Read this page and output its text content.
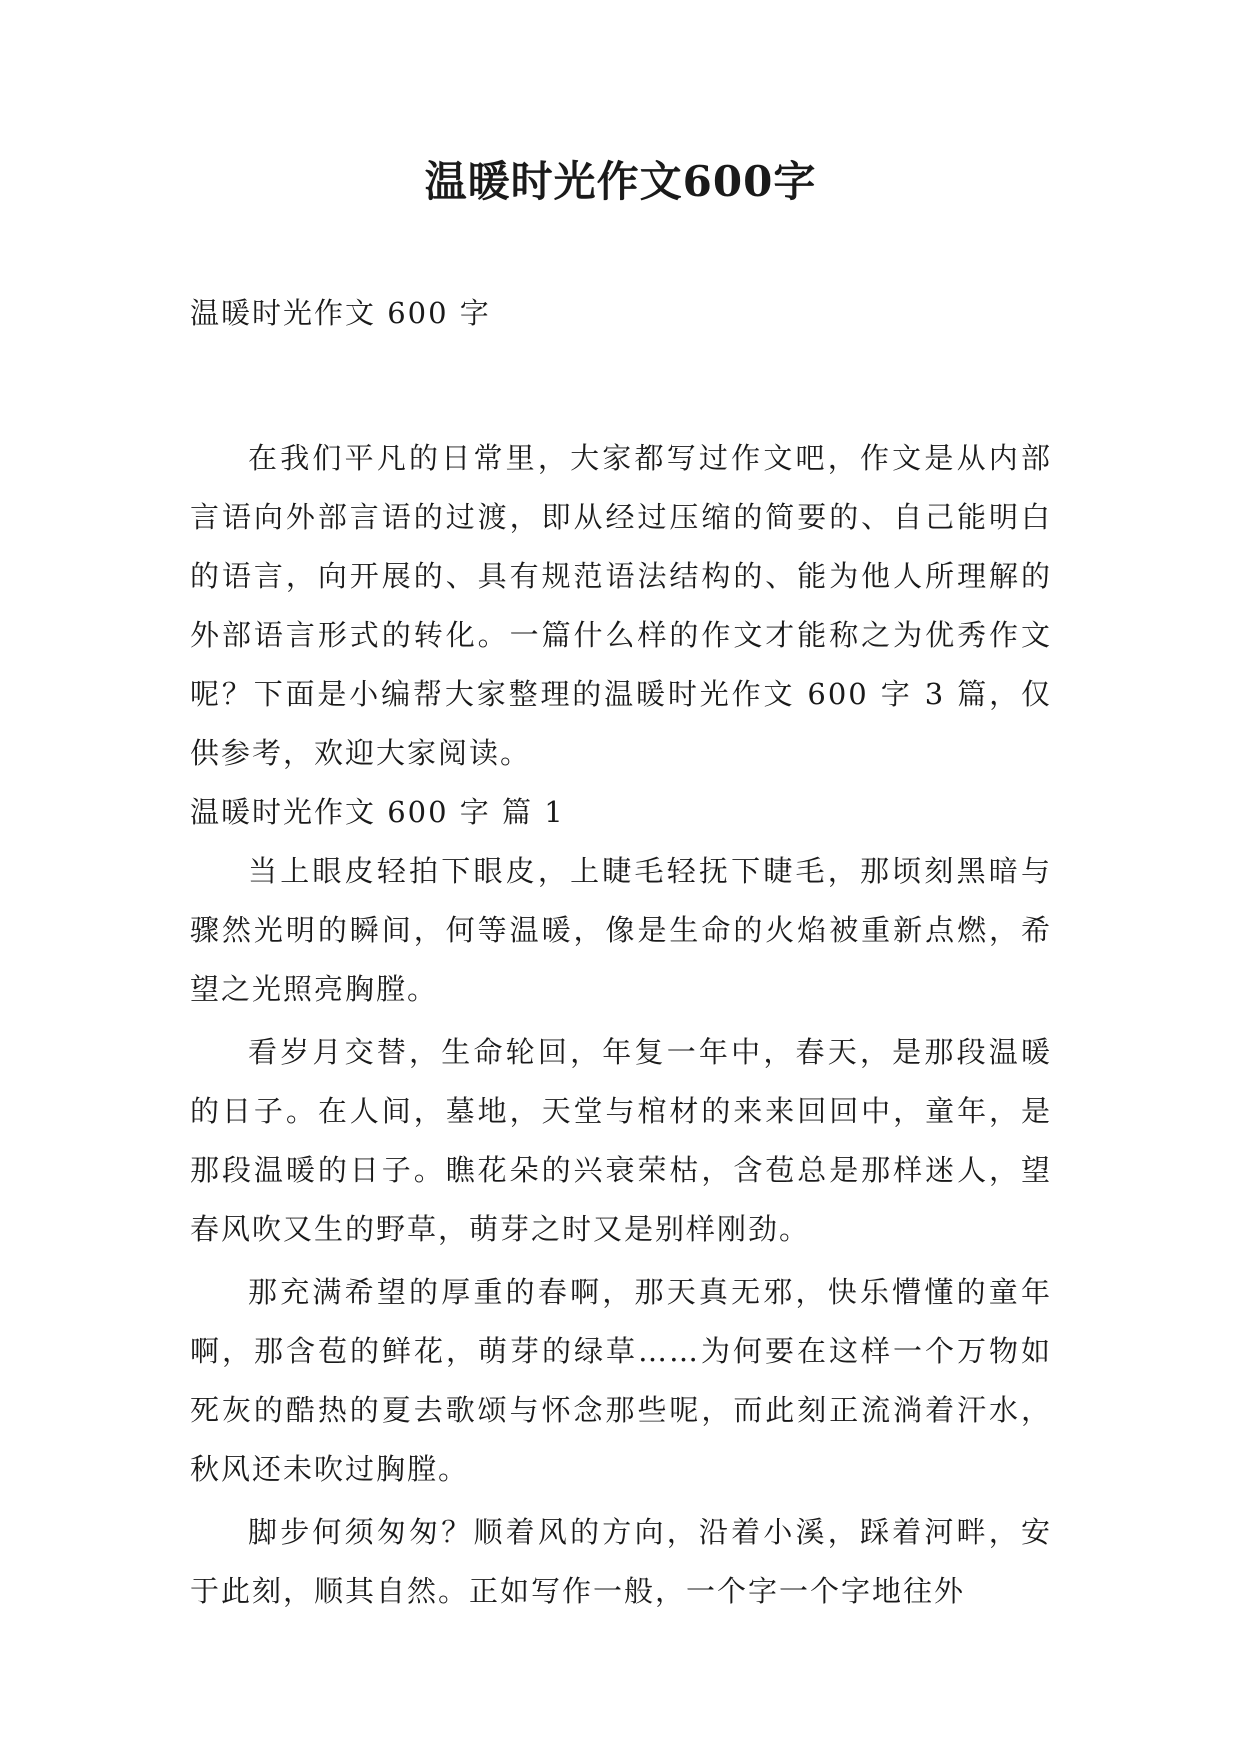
温暖时光作文600字

温暖时光作文 600 字

在我们平凡的日常里，大家都写过作文吧，作文是从内部言语向外部言语的过渡，即从经过压缩的简要的、自己能明白的语言，向开展的、具有规范语法结构的、能为他人所理解的外部语言形式的转化。一篇什么样的作文才能称之为优秀作文呢？下面是小编帮大家整理的温暖时光作文 600 字 3 篇，仅供参考，欢迎大家阅读。

温暖时光作文 600 字 篇 1

当上眼皮轻拍下眼皮，上睫毛轻抚下睫毛，那顷刻黑暗与骤然光明的瞬间，何等温暖，像是生命的火焰被重新点燃，希望之光照亮胸膛。

看岁月交替，生命轮回，年复一年中，春天，是那段温暖的日子。在人间，墓地，天堂与棺材的来来回回中，童年，是那段温暖的日子。瞧花朵的兴衰荣枯，含苞总是那样迷人，望春风吹又生的野草，萌芽之时又是别样刚劲。

那充满希望的厚重的春啊，那天真无邪，快乐懵懂的童年啊，那含苞的鲜花，萌芽的绿草……为何要在这样一个万物如死灰的酷热的夏去歌颂与怀念那些呢，而此刻正流淌着汗水，秋风还未吹过胸膛。

脚步何须匆匆？顺着风的方向，沿着小溪，踩着河畔，安于此刻，顺其自然。正如写作一般，一个字一个字地往外
